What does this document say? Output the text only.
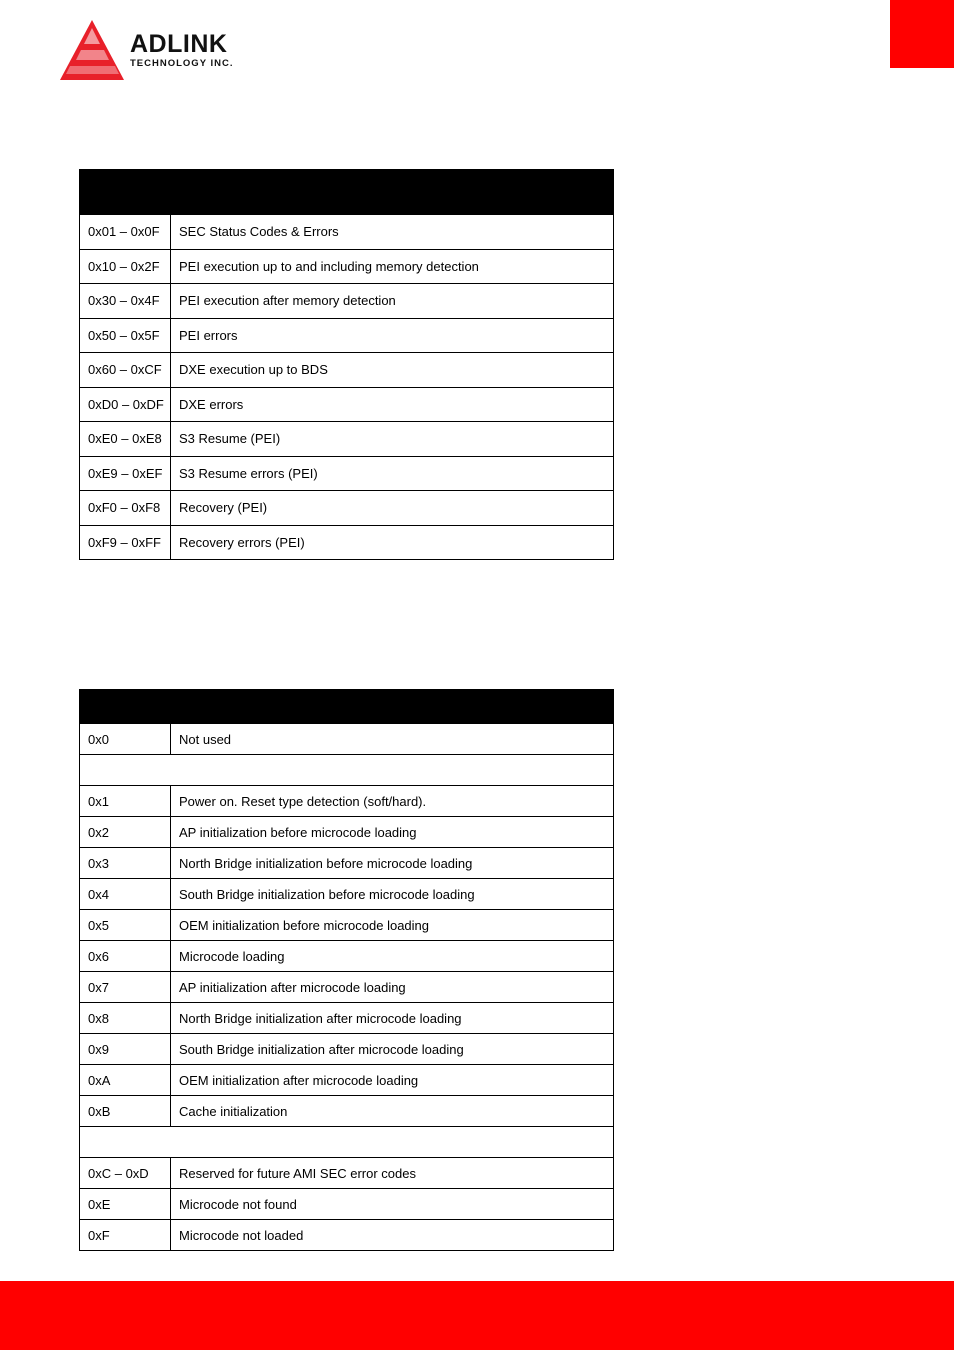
ADLINK
TECHNOLOGY INC.

0x01 – 0x0F	SEC Status Codes & Errors
0x10 – 0x2F	PEI execution up to and including memory detection
0x30 – 0x4F	PEI execution after memory detection
0x50 – 0x5F	PEI errors
0x60 – 0xCF	DXE execution up to BDS
0xD0 – 0xDF	DXE errors
0xE0 – 0xE8	S3 Resume (PEI)
0xE9 – 0xEF	S3 Resume errors (PEI)
0xF0 – 0xF8	Recovery (PEI)
0xF9 – 0xFF	Recovery errors (PEI)

0x0	Not used

0x1	Power on. Reset type detection (soft/hard).
0x2	AP initialization before microcode loading
0x3	North Bridge initialization before microcode loading
0x4	South Bridge initialization before microcode loading
0x5	OEM initialization before microcode loading
0x6	Microcode loading
0x7	AP initialization after microcode loading
0x8	North Bridge initialization after microcode loading
0x9	South Bridge initialization after microcode loading
0xA	OEM initialization after microcode loading
0xB	Cache initialization

0xC – 0xD	Reserved for future AMI SEC error codes
0xE	Microcode not found
0xF	Microcode not loaded
